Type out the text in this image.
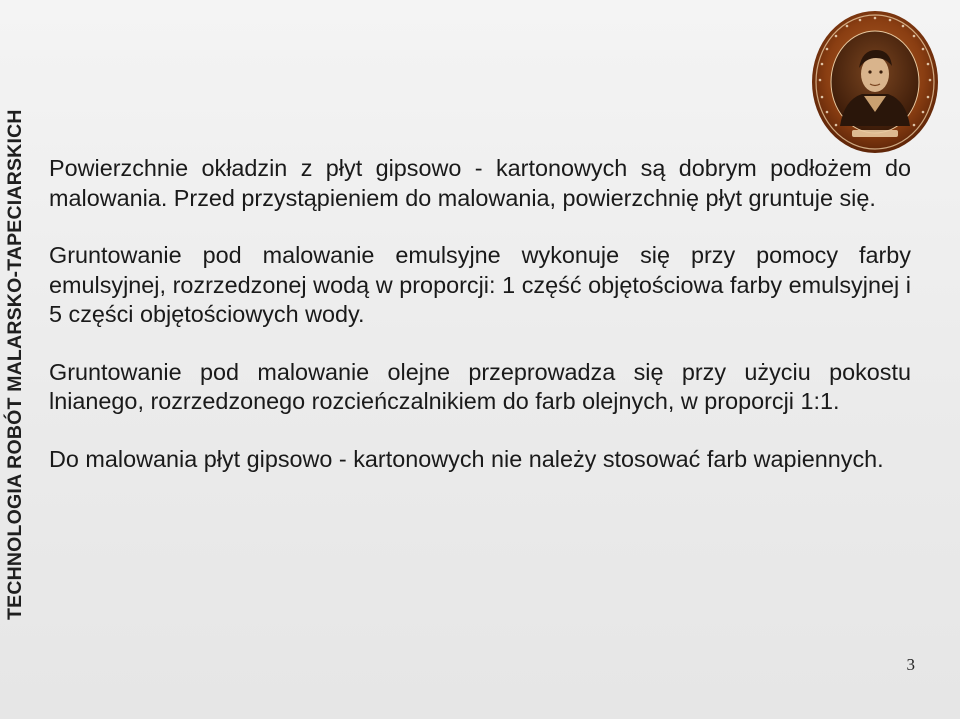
TECHNOLOGIA ROBÓT MALARSKO-TAPECIARSKICH Powierzchnie okładzin z płyt gipsowo - kartonowych są dobrym podłożem do malowania. Przed przystąpieniem do malowania, powierzchnię płyt gruntuje się.

Gruntowanie pod malowanie emulsyjne wykonuje się przy pomocy farby emulsyjnej, rozrzedzonej wodą w proporcji: 1 część objętościowa farby emulsyjnej i 5 części objętościowych wody.

Gruntowanie pod malowanie olejne przeprowadza się przy użyciu pokostu lnianego, rozrzedzonego rozcieńczalnikiem do farb olejnych, w proporcji 1:1.

Do malowania płyt gipsowo - kartonowych nie należy stosować farb wapiennych.

3
